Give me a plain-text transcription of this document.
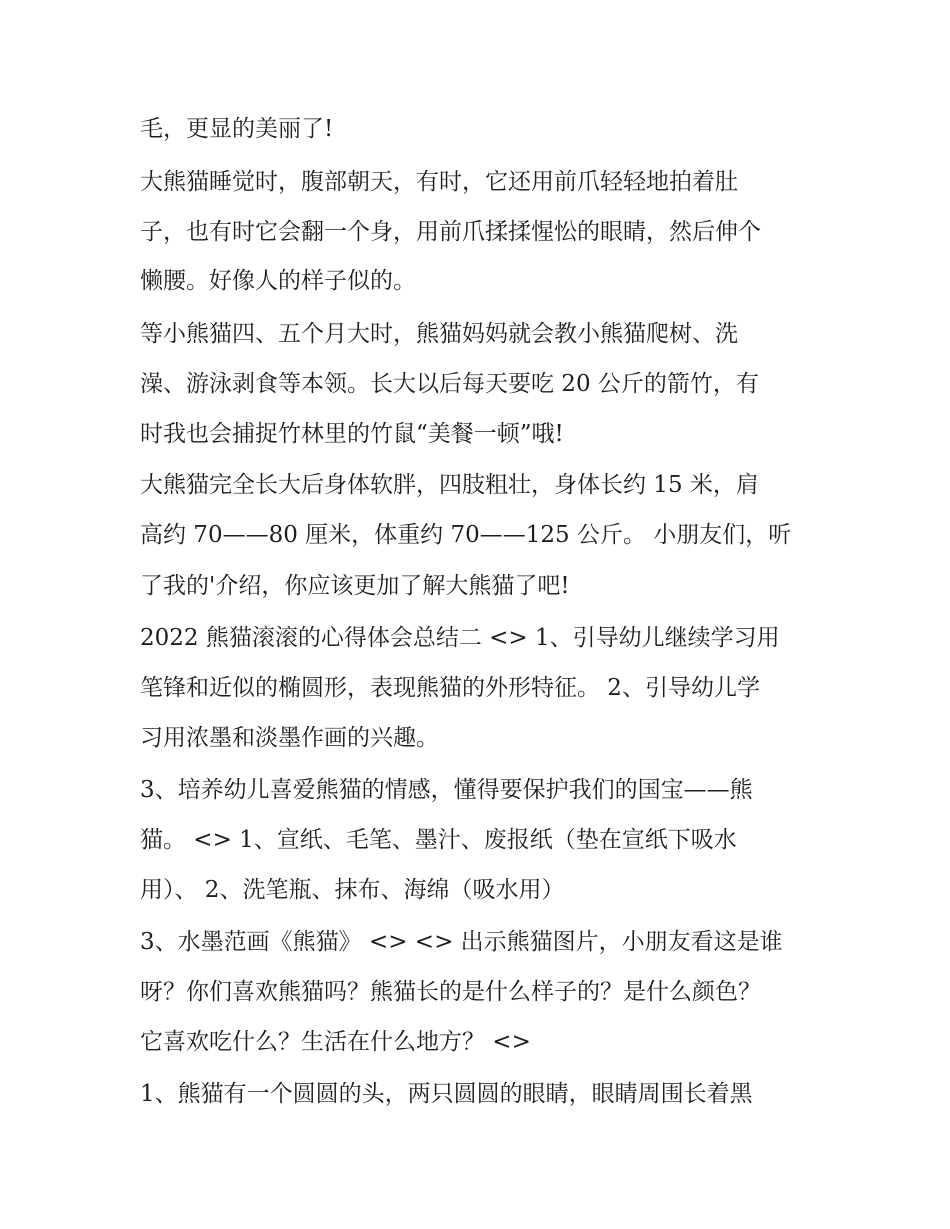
毛，更显的美丽了!
大熊猫睡觉时，腹部朝天，有时，它还用前爪轻轻地拍着肚
子，也有时它会翻一个身，用前爪揉揉惺忪的眼睛，然后伸个
懒腰。好像人的样子似的。
等小熊猫四、五个月大时，熊猫妈妈就会教小熊猫爬树、洗
澡、游泳剥食等本领。长大以后每天要吃 20 公斤的箭竹，有
时我也会捕捉竹林里的竹鼠“美餐一顿”哦!
大熊猫完全长大后身体软胖，四肢粗壮，身体长约 15 米，肩
高约 70——80 厘米，体重约 70——125 公斤。 小朋友们，听
了我的'介绍，你应该更加了解大熊猫了吧!
2022 熊猫滚滚的心得体会总结二 <> 1、引导幼儿继续学习用
笔锋和近似的椭圆形，表现熊猫的外形特征。 2、引导幼儿学
习用浓墨和淡墨作画的兴趣。
3、培养幼儿喜爱熊猫的情感，懂得要保护我们的国宝——熊
猫。 <> 1、宣纸、毛笔、墨汁、废报纸（垫在宣纸下吸水
用）、 2、洗笔瓶、抹布、海绵（吸水用）
3、水墨范画《熊猫》 <> <> 出示熊猫图片，小朋友看这是谁
呀？你们喜欢熊猫吗？熊猫长的是什么样子的？是什么颜色？
它喜欢吃什么？生活在什么地方？ <>
1、熊猫有一个圆圆的头，两只圆圆的眼睛，眼睛周围长着黑
